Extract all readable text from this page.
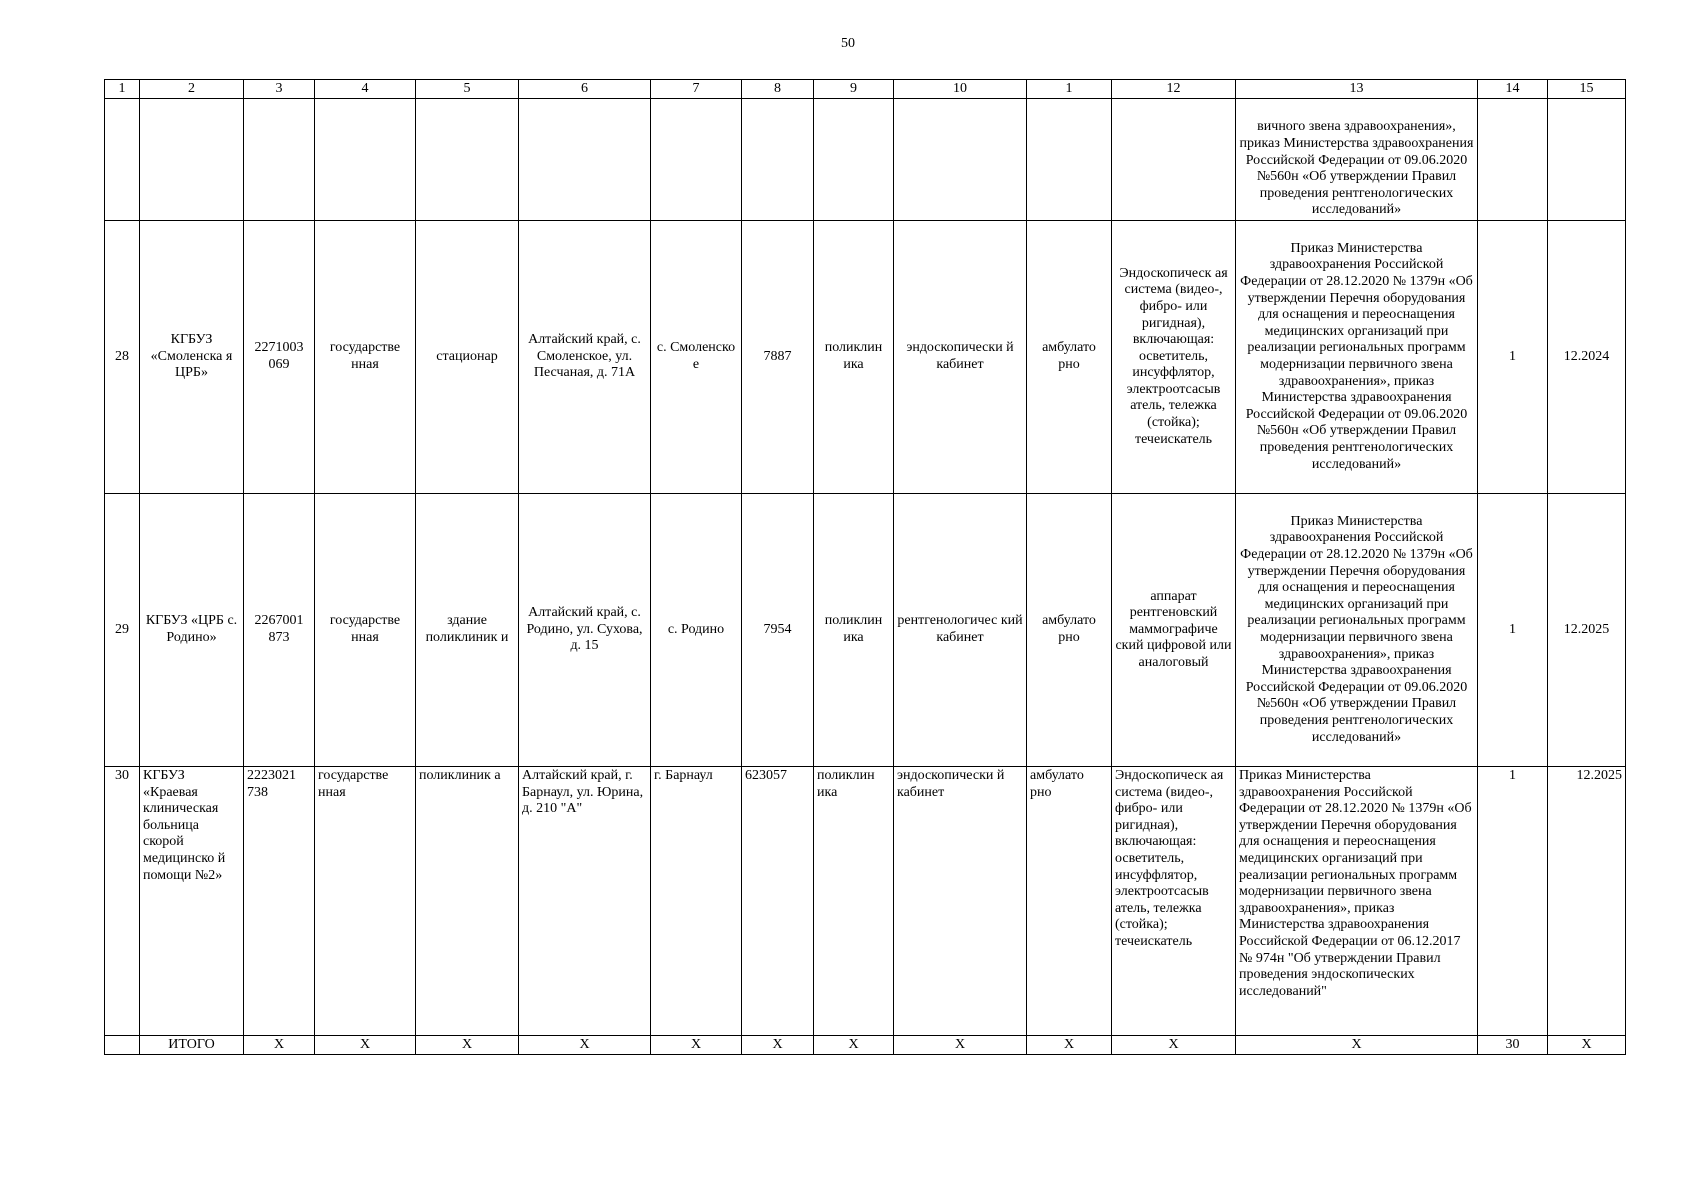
50
1	2	3	4	5	6	7	8	9	10	1	12	13	14	15
												вичного звена здравоохранения», приказ Министерства здравоохранения Российской Федерации от 09.06.2020 №560н «Об утверждении Правил проведения рентгенологических исследований»		
28	КГБУЗ «Смоленска я ЦРБ»	2271003 069	государстве нная	стационар	Алтайский край, с. Смоленское, ул. Песчаная, д. 71А	с. Смоленско е	7887	поликлин ика	эндоскопически й кабинет	амбулато рно	Эндоскопическ ая система (видео-, фибро- или ригидная), включающая: осветитель, инсуффлятор, электроотсасыв атель, тележка (стойка); течеискатель	Приказ Министерства здравоохранения Российской Федерации от 28.12.2020 № 1379н «Об утверждении Перечня оборудования для оснащения и переоснащения медицинских организаций при реализации региональных программ модернизации первичного звена здравоохранения», приказ Министерства здравоохранения Российской Федерации от 09.06.2020 №560н «Об утверждении Правил проведения рентгенологических исследований»	1	12.2024
29	КГБУЗ «ЦРБ с. Родино»	2267001 873	государстве нная	здание поликлиник и	Алтайский край, с. Родино, ул. Сухова, д. 15	с. Родино	7954	поликлин ика	рентгенологичес кий кабинет	амбулато рно	аппарат рентгеновский маммографиче ский цифровой или аналоговый	Приказ Министерства здравоохранения Российской Федерации от 28.12.2020 № 1379н «Об утверждении Перечня оборудования для оснащения и переоснащения медицинских организаций при реализации региональных программ модернизации первичного звена здравоохранения», приказ Министерства здравоохранения Российской Федерации от 09.06.2020 №560н «Об утверждении Правил проведения рентгенологических исследований»	1	12.2025
30	КГБУЗ «Краевая клиническая больница скорой медицинско й помощи №2»	2223021 738	государстве нная	поликлиник а	Алтайский край, г. Барнаул, ул. Юрина, д. 210 "А"	г. Барнаул	623057	поликлин ика	эндоскопически й кабинет	амбулато рно	Эндоскопическ ая система (видео-, фибро- или ригидная), включающая: осветитель, инсуффлятор, электроотсасыв атель, тележка (стойка); течеискатель	Приказ Министерства здравоохранения Российской Федерации от 28.12.2020 № 1379н «Об утверждении Перечня оборудования для оснащения и переоснащения медицинских организаций при реализации региональных программ модернизации первичного звена здравоохранения», приказ Министерства здравоохранения Российской Федерации от 06.12.2017 № 974н "Об утверждении Правил проведения эндоскопических исследований"	1	12.2025
	ИТОГО	Х	Х	Х	Х	Х	Х	Х	Х	Х	Х	Х	30	Х
